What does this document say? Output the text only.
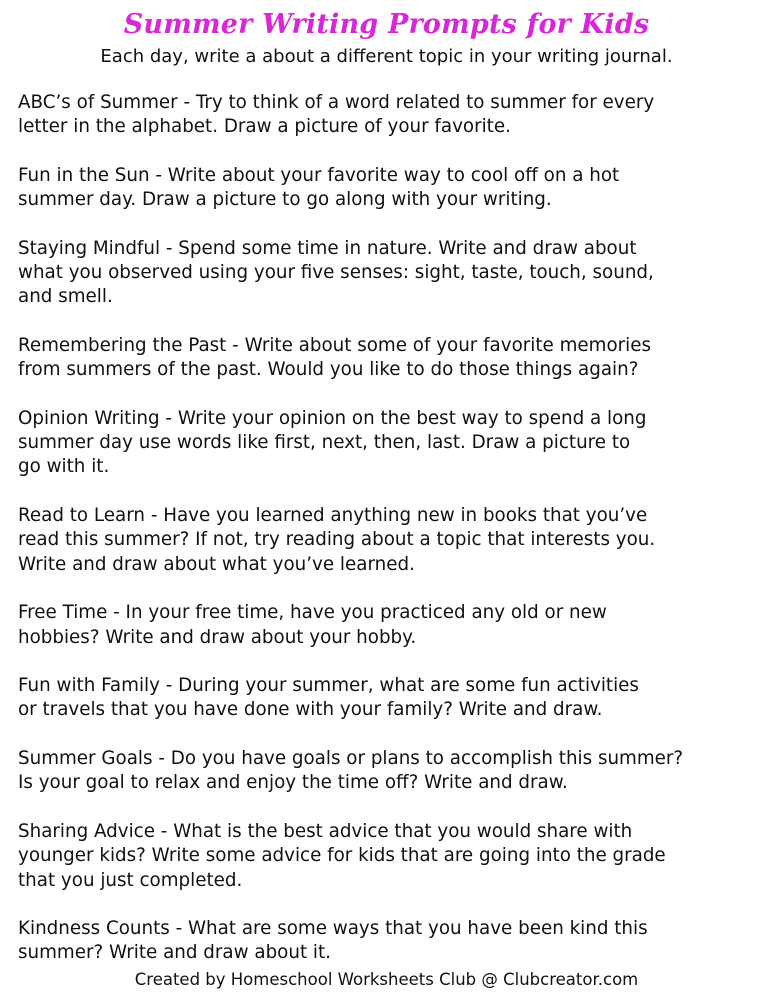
Summer Writing Prompts for Kids
Each day, write a about a different topic in your writing journal.
ABC’s of Summer - Try to think of a word related to summer for every
letter in the alphabet. Draw a picture of your favorite.
Fun in the Sun - Write about your favorite way to cool off on a hot
summer day. Draw a picture to go along with your writing.
Staying Mindful - Spend some time in nature. Write and draw about
what you observed using your five senses: sight, taste, touch, sound,
and smell.
Remembering the Past - Write about some of your favorite memories
from summers of the past. Would you like to do those things again?
Opinion Writing - Write your opinion on the best way to spend a long
summer day use words like first, next, then, last. Draw a picture to
go with it.
Read to Learn - Have you learned anything new in books that you’ve
read this summer? If not, try reading about a topic that interests you.
Write and draw about what you’ve learned.
Free Time - In your free time, have you practiced any old or new
hobbies? Write and draw about your hobby.
Fun with Family - During your summer, what are some fun activities
or travels that you have done with your family? Write and draw.
Summer Goals - Do you have goals or plans to accomplish this summer?
Is your goal to relax and enjoy the time off? Write and draw.
Sharing Advice - What is the best advice that you would share with
younger kids? Write some advice for kids that are going into the grade
that you just completed.
Kindness Counts - What are some ways that you have been kind this
summer? Write and draw about it.
Created by Homeschool Worksheets Club @ Clubcreator.com
